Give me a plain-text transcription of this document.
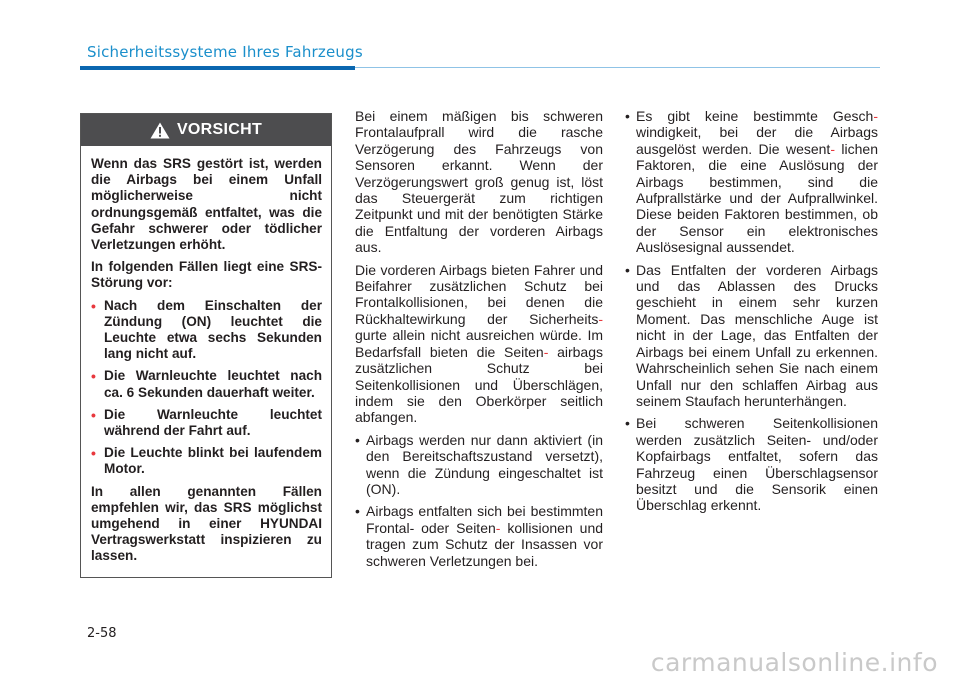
Sicherheitssysteme Ihres Fahrzeugs
VORSICHT

Wenn das SRS gestört ist, werden die Airbags bei einem Unfall möglicherweise nicht ordnungsgemäß entfaltet, was die Gefahr schwerer oder tödlicher Verletzungen erhöht.

In folgenden Fällen liegt eine SRS-Störung vor:

• Nach dem Einschalten der Zündung (ON) leuchtet die Leuchte etwa sechs Sekunden lang nicht auf.
• Die Warnleuchte leuchtet nach ca. 6 Sekunden dauerhaft weiter.
• Die Warnleuchte leuchtet während der Fahrt auf.
• Die Leuchte blinkt bei laufendem Motor.

In allen genannten Fällen empfehlen wir, das SRS möglichst umgehend in einer HYUNDAI Vertragswerkstatt inspizieren zu lassen.

Bei einem mäßigen bis schweren Frontalaufprall wird die rasche Verzögerung des Fahrzeugs von Sensoren erkannt. Wenn der Verzögerungswert groß genug ist, löst das Steuergerät zum richtigen Zeitpunkt und mit der benötigten Stärke die Entfaltung der vorderen Airbags aus.

Die vorderen Airbags bieten Fahrer und Beifahrer zusätzlichen Schutz bei Frontalkollisionen, bei denen die Rückhaltewirkung der Sicherheits- gurte allein nicht ausreichen würde. Im Bedarfsfall bieten die Seiten- airbags zusätzlichen Schutz bei Seitenkollisionen und Überschlägen, indem sie den Oberkörper seitlich abfangen.

• Airbags werden nur dann aktiviert (in den Bereitschaftszustand versetzt), wenn die Zündung eingeschaltet ist (ON).
• Airbags entfalten sich bei bestimmten Frontal- oder Seiten- kollisionen und tragen zum Schutz der Insassen vor schweren Verletzungen bei.
• Es gibt keine bestimmte Gesch- windigkeit, bei der die Airbags ausgelöst werden. Die wesent- lichen Faktoren, die eine Auslösung der Airbags bestimmen, sind die Aufprallstärke und der Aufprallwinkel. Diese beiden Faktoren bestimmen, ob der Sensor ein elektronisches Auslösesignal aussendet.
• Das Entfalten der vorderen Airbags und das Ablassen des Drucks geschieht in einem sehr kurzen Moment. Das menschliche Auge ist nicht in der Lage, das Entfalten der Airbags bei einem Unfall zu erkennen. Wahrscheinlich sehen Sie nach einem Unfall nur den schlaffen Airbag aus seinem Staufach herunterhängen.
• Bei schweren Seitenkollisionen werden zusätzlich Seiten- und/oder Kopfairbags entfaltet, sofern das Fahrzeug einen Überschlagsensor besitzt und die Sensorik einen Überschlag erkennt.
2-58
carmanualsonline.info
